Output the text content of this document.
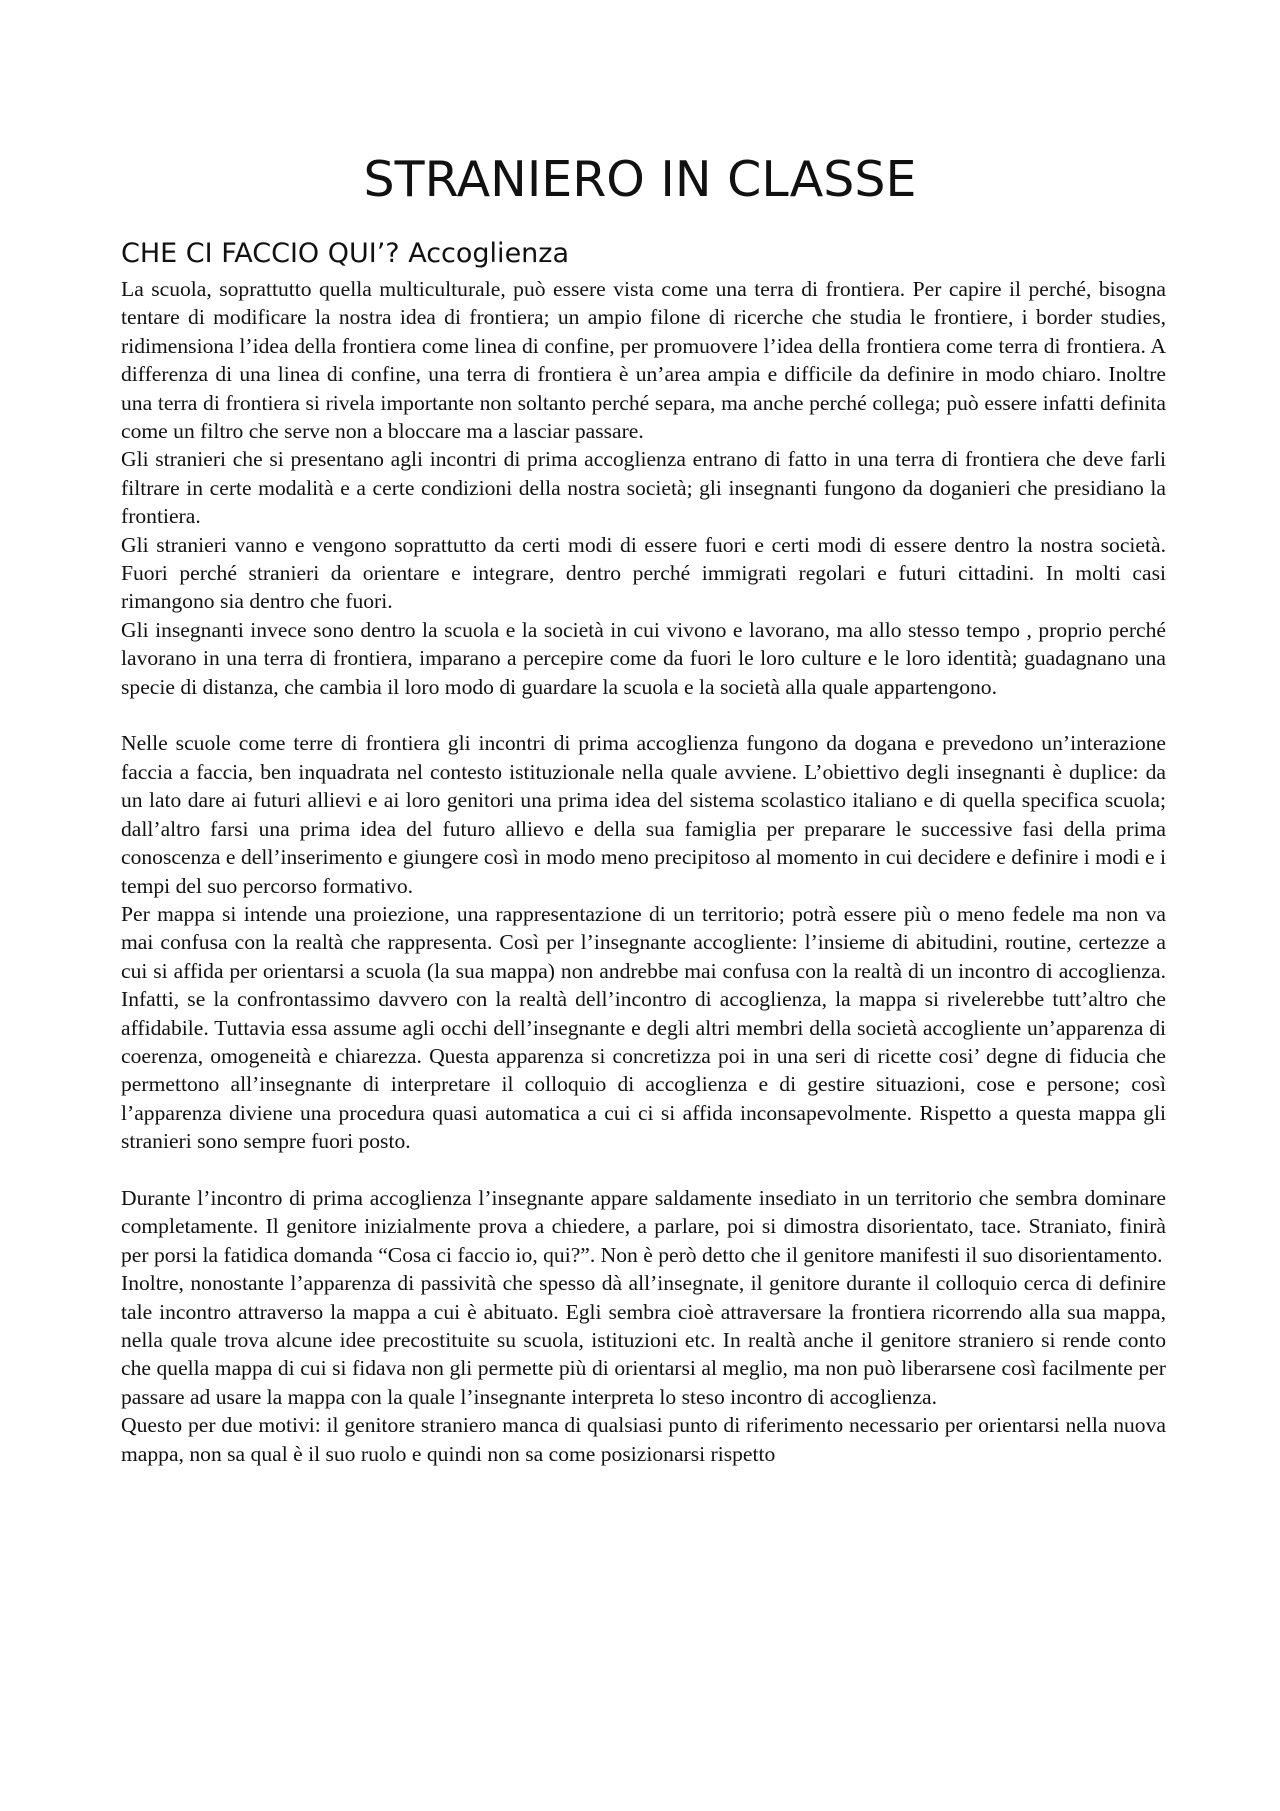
STRANIERO IN CLASSE
CHE CI FACCIO QUI’? Accoglienza

La scuola, soprattutto quella multiculturale, può essere vista come una terra di frontiera. Per capire il perché, bisogna tentare di modificare la nostra idea di frontiera; un ampio filone di ricerche che studia le frontiere, i border studies, ridimensiona l’idea della frontiera come linea di confine, per promuovere l’idea della frontiera come terra di frontiera. A differenza di una linea di confine, una terra di frontiera è un’area ampia e difficile da definire in modo chiaro. Inoltre una terra di frontiera si rivela importante non soltanto perché separa, ma anche perché collega; può essere infatti definita come un filtro che serve non a bloccare ma a lasciar passare.

Gli stranieri che si presentano agli incontri di prima accoglienza entrano di fatto in una terra di frontiera che deve farli filtrare in certe modalità e a certe condizioni della nostra società; gli insegnanti fungono da doganieri che presidiano la frontiera.

Gli stranieri vanno e vengono soprattutto da certi modi di essere fuori e certi modi di essere dentro la nostra società. Fuori perché stranieri da orientare e integrare, dentro perché immigrati regolari e futuri cittadini. In molti casi rimangono sia dentro che fuori.

Gli insegnanti invece sono dentro la scuola e la società in cui vivono e lavorano, ma allo stesso tempo , proprio perché lavorano in una terra di frontiera, imparano a percepire come da fuori le loro culture e le loro identità; guadagnano una specie di distanza, che cambia il loro modo di guardare la scuola e la società alla quale appartengono.

Nelle scuole come terre di frontiera gli incontri di prima accoglienza fungono da dogana e prevedono un’interazione faccia a faccia, ben inquadrata nel contesto istituzionale nella quale avviene. L’obiettivo degli insegnanti è duplice: da un lato dare ai futuri allievi e ai loro genitori una prima idea del sistema scolastico italiano e di quella specifica scuola; dall’altro farsi una prima idea del futuro allievo e della sua famiglia per preparare le successive fasi della prima conoscenza e dell’inserimento e giungere così in modo meno precipitoso al momento in cui decidere e definire i modi e i tempi del suo percorso formativo.

Per mappa si intende una proiezione, una rappresentazione di un territorio; potrà essere più o meno fedele ma non va mai confusa con la realtà che rappresenta. Così per l’insegnante accogliente: l’insieme di abitudini, routine, certezze a cui si affida per orientarsi a scuola (la sua mappa) non andrebbe mai confusa con la realtà di un incontro di accoglienza. Infatti, se la confrontassimo davvero con la realtà dell’incontro di accoglienza, la mappa si rivelerebbe tutt’altro che affidabile. Tuttavia essa assume agli occhi dell’insegnante e degli altri membri della società accogliente un’apparenza di coerenza, omogeneità e chiarezza. Questa apparenza si concretizza poi in una seri di ricette cosi’ degne di fiducia che permettono all’insegnante di interpretare il colloquio di accoglienza e di gestire situazioni, cose e persone; così l’apparenza diviene una procedura quasi automatica a cui ci si affida inconsapevolmente. Rispetto a questa mappa gli stranieri sono sempre fuori posto.

Durante l’incontro di prima accoglienza l’insegnante appare saldamente insediato in un territorio che sembra dominare completamente. Il genitore inizialmente prova a chiedere, a parlare, poi si dimostra disorientato, tace. Straniato, finirà per porsi la fatidica domanda “Cosa ci faccio io, qui?”. Non è però detto che il genitore manifesti il suo disorientamento.

Inoltre, nonostante l’apparenza di passività che spesso dà all’insegnate, il genitore durante il colloquio cerca di definire tale incontro attraverso la mappa a cui è abituato. Egli sembra cioè attraversare la frontiera ricorrendo alla sua mappa, nella quale trova alcune idee precostituite su scuola, istituzioni etc. In realtà anche il genitore straniero si rende conto che quella mappa di cui si fidava non gli permette più di orientarsi al meglio, ma non può liberarsene così facilmente per passare ad usare la mappa con la quale l’insegnante interpreta lo steso incontro di accoglienza.

Questo per due motivi: il genitore straniero manca di qualsiasi punto di riferimento necessario per orientarsi nella nuova mappa, non sa qual è il suo ruolo e quindi non sa come posizionarsi rispetto
